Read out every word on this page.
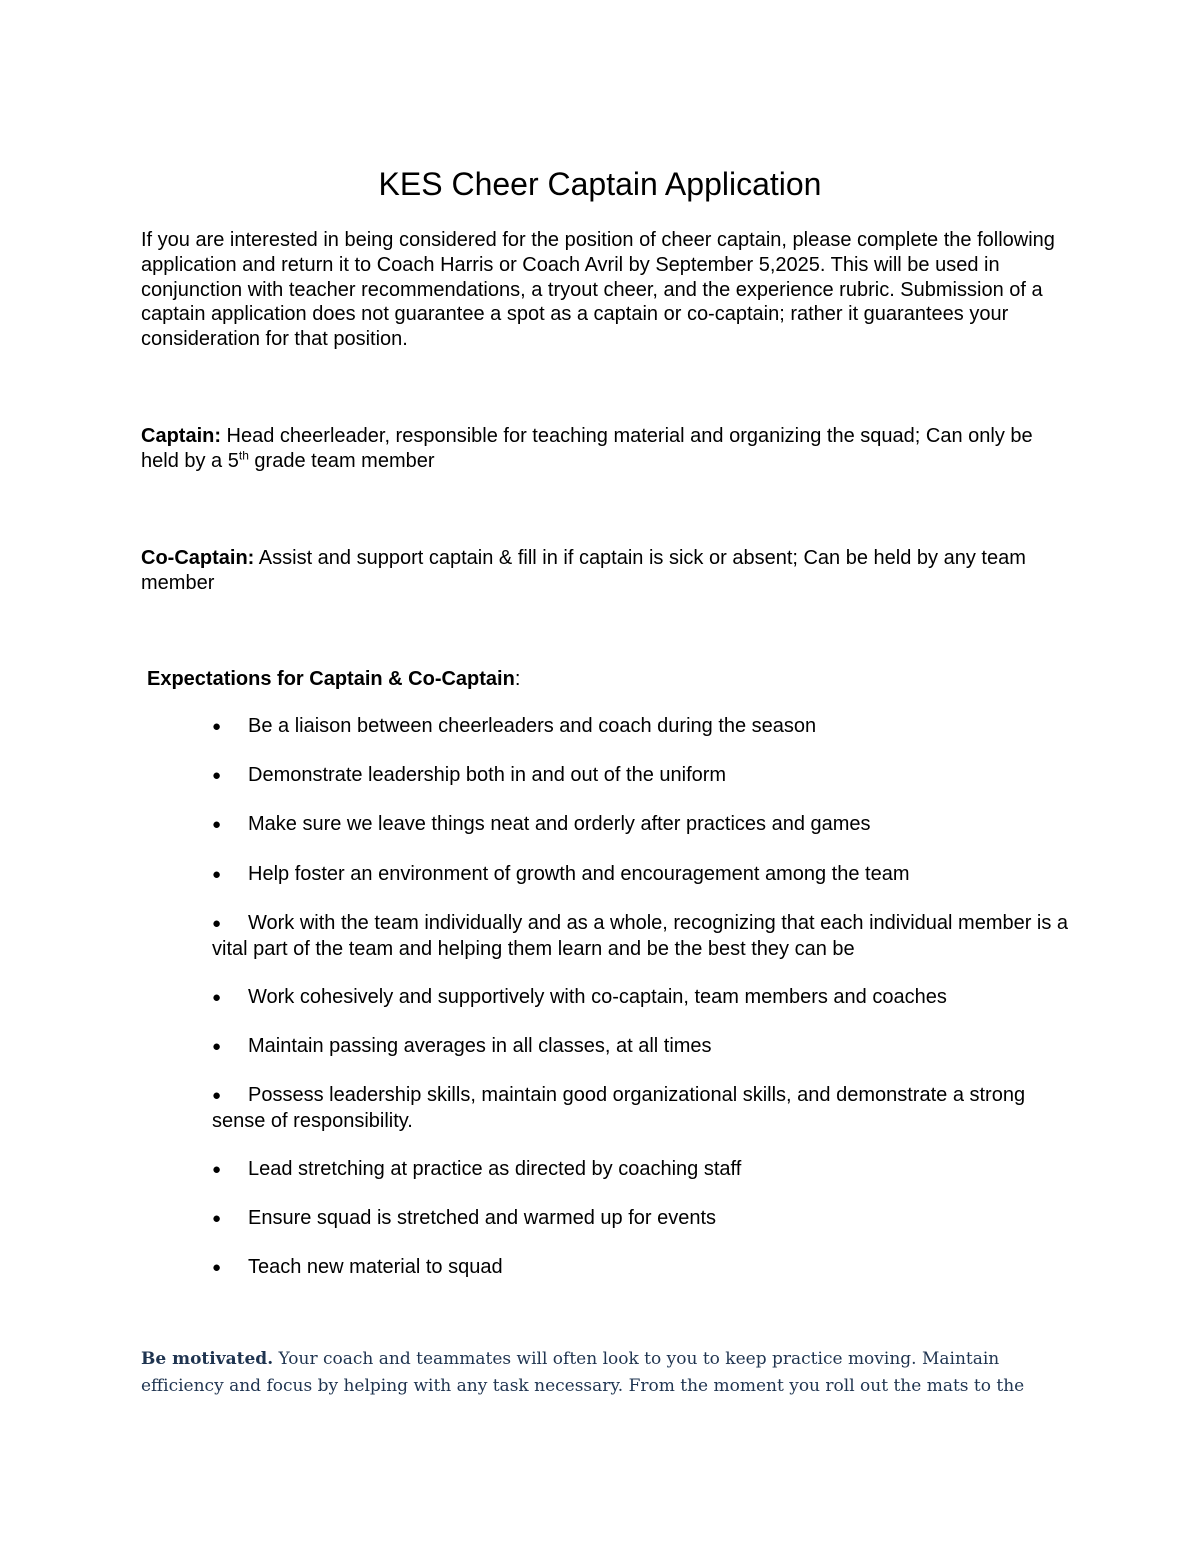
KES Cheer Captain Application

If you are interested in being considered for the position of cheer captain, please complete the following application and return it to Coach Harris or Coach Avril by September 5,2025. This will be used in conjunction with teacher recommendations, a tryout cheer, and the experience rubric. Submission of a captain application does not guarantee a spot as a captain or co-captain; rather it guarantees your consideration for that position.

Captain: Head cheerleader, responsible for teaching material and organizing the squad; Can only be held by a 5th grade team member

Co-Captain: Assist and support captain & fill in if captain is sick or absent; Can be held by any team member

Expectations for Captain & Co-Captain:

● Be a liaison between cheerleaders and coach during the season
● Demonstrate leadership both in and out of the uniform
● Make sure we leave things neat and orderly after practices and games
● Help foster an environment of growth and encouragement among the team
● Work with the team individually and as a whole, recognizing that each individual member is a vital part of the team and helping them learn and be the best they can be
● Work cohesively and supportively with co-captain, team members and coaches
● Maintain passing averages in all classes, at all times
● Possess leadership skills, maintain good organizational skills, and demonstrate a strong sense of responsibility.
● Lead stretching at practice as directed by coaching staff
● Ensure squad is stretched and warmed up for events
● Teach new material to squad

Be motivated. Your coach and teammates will often look to you to keep practice moving. Maintain
efficiency and focus by helping with any task necessary. From the moment you roll out the mats to the
